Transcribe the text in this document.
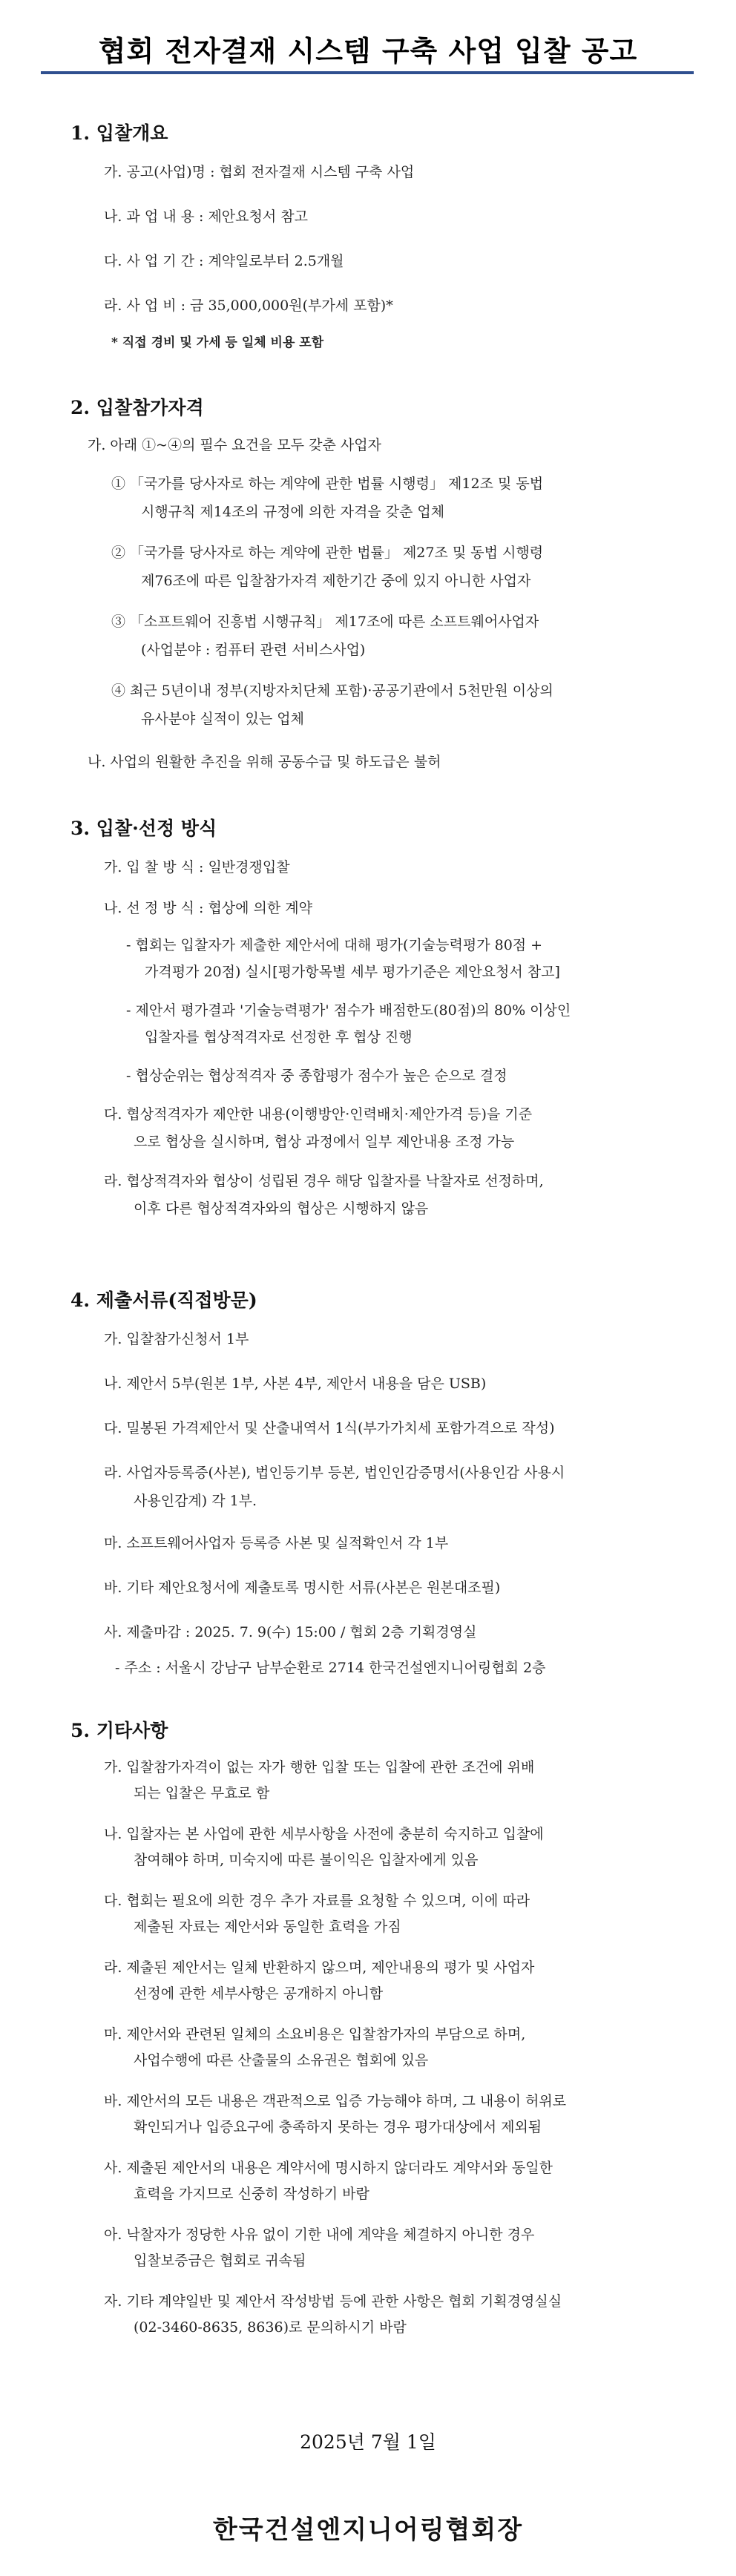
협회 전자결재 시스템 구축 사업 입찰 공고
1. 입찰개요
가. 공고(사업)명 : 협회 전자결재 시스템 구축 사업
나. 과 업 내 용 : 제안요청서 참고
다. 사 업 기 간 : 계약일로부터 2.5개월
라. 사 업 비 : 금 35,000,000원(부가세 포함)*
* 직접 경비 및 가세 등 일체 비용 포함
2. 입찰참가자격
가. 아래 ①~④의 필수 요건을 모두 갖춘 사업자
① 「국가를 당사자로 하는 계약에 관한 법률 시행령」 제12조 및 동법
시행규칙 제14조의 규정에 의한 자격을 갖춘 업체
② 「국가를 당사자로 하는 계약에 관한 법률」 제27조 및 동법 시행령
제76조에 따른 입찰참가자격 제한기간 중에 있지 아니한 사업자
③ 「소프트웨어 진흥법 시행규칙」 제17조에 따른 소프트웨어사업자
(사업분야 : 컴퓨터 관련 서비스사업)
④ 최근 5년이내 정부(지방자치단체 포함)·공공기관에서 5천만원 이상의
유사분야 실적이 있는 업체
나. 사업의 원활한 추진을 위해 공동수급 및 하도급은 불허
3. 입찰·선정 방식
가. 입 찰 방 식 : 일반경쟁입찰
나. 선 정 방 식 : 협상에 의한 계약
- 협회는 입찰자가 제출한 제안서에 대해 평가(기술능력평가 80점 +
가격평가 20점) 실시[평가항목별 세부 평가기준은 제안요청서 참고]
- 제안서 평가결과 '기술능력평가' 점수가 배점한도(80점)의 80% 이상인
입찰자를 협상적격자로 선정한 후 협상 진행
- 협상순위는 협상적격자 중 종합평가 점수가 높은 순으로 결정
다. 협상적격자가 제안한 내용(이행방안·인력배치·제안가격 등)을 기준
으로 협상을 실시하며, 협상 과정에서 일부 제안내용 조정 가능
라. 협상적격자와 협상이 성립된 경우 해당 입찰자를 낙찰자로 선정하며,
이후 다른 협상적격자와의 협상은 시행하지 않음
4. 제출서류(직접방문)
가. 입찰참가신청서 1부
나. 제안서 5부(원본 1부, 사본 4부, 제안서 내용을 담은 USB)
다. 밀봉된 가격제안서 및 산출내역서 1식(부가가치세 포함가격으로 작성)
라. 사업자등록증(사본), 법인등기부 등본, 법인인감증명서(사용인감 사용시
사용인감계) 각 1부.
마. 소프트웨어사업자 등록증 사본 및 실적확인서 각 1부
바. 기타 제안요청서에 제출토록 명시한 서류(사본은 원본대조필)
사. 제출마감 : 2025. 7. 9(수) 15:00 / 협회 2층 기획경영실
- 주소 : 서울시 강남구 남부순환로 2714 한국건설엔지니어링협회 2층
5. 기타사항
가. 입찰참가자격이 없는 자가 행한 입찰 또는 입찰에 관한 조건에 위배
되는 입찰은 무효로 함
나. 입찰자는 본 사업에 관한 세부사항을 사전에 충분히 숙지하고 입찰에
참여해야 하며, 미숙지에 따른 불이익은 입찰자에게 있음
다. 협회는 필요에 의한 경우 추가 자료를 요청할 수 있으며, 이에 따라
제출된 자료는 제안서와 동일한 효력을 가짐
라. 제출된 제안서는 일체 반환하지 않으며, 제안내용의 평가 및 사업자
선정에 관한 세부사항은 공개하지 아니함
마. 제안서와 관련된 일체의 소요비용은 입찰참가자의 부담으로 하며,
사업수행에 따른 산출물의 소유권은 협회에 있음
바. 제안서의 모든 내용은 객관적으로 입증 가능해야 하며, 그 내용이 허위로
확인되거나 입증요구에 충족하지 못하는 경우 평가대상에서 제외됨
사. 제출된 제안서의 내용은 계약서에 명시하지 않더라도 계약서와 동일한
효력을 가지므로 신중히 작성하기 바람
아. 낙찰자가 정당한 사유 없이 기한 내에 계약을 체결하지 아니한 경우
입찰보증금은 협회로 귀속됨
자. 기타 계약일반 및 제안서 작성방법 등에 관한 사항은 협회 기획경영실실
(02-3460-8635, 8636)로 문의하시기 바람
2025년 7월 1일
한국건설엔지니어링협회장
